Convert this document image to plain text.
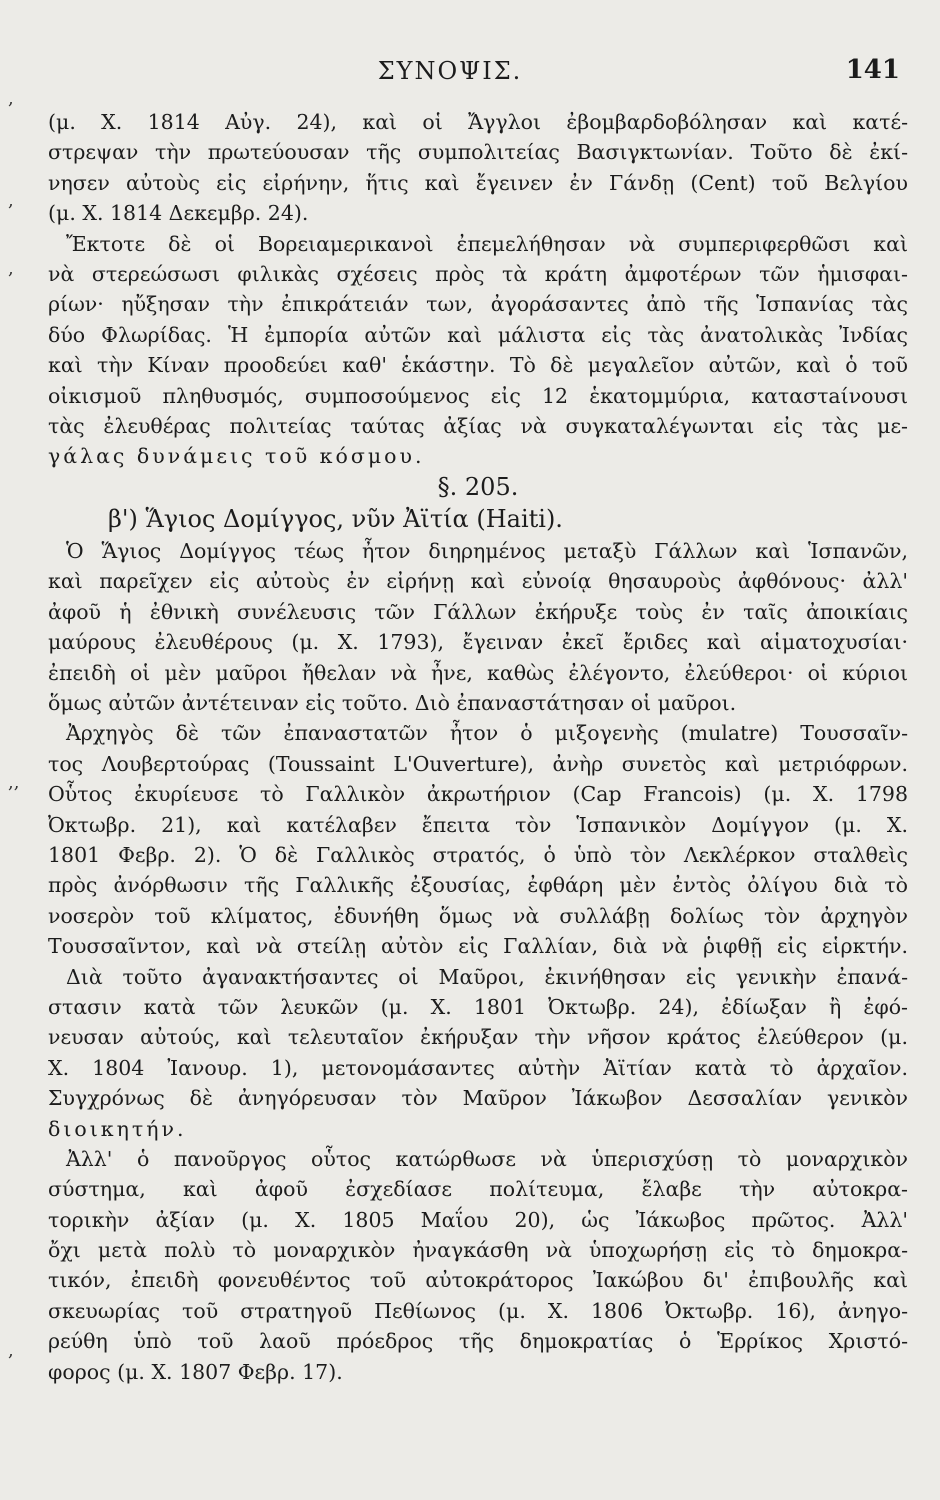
ΣΥΝΟΨΙΣ.	141
,
,
,
,,
,
(μ. Χ. 1814 Αὐγ. 24), καὶ οἱ Ἄγγλοι ἐβομβαρδοβόλησαν καὶ κατέ-
στρεψαν τὴν πρωτεύουσαν τῆς συμπολιτείας Βασιγκτωνίαν. Τοῦτο δὲ ἐκί-
νησεν αὐτοὺς εἰς εἰρήνην, ἥτις καὶ ἔγεινεν ἐν Γάνδῃ (Cent) τοῦ Βελγίου
(μ. Χ. 1814 Δεκεμβρ. 24).
Ἔκτοτε δὲ οἱ Βορειαμερικανοὶ ἐπεμελήθησαν νὰ συμπεριφερθῶσι καὶ
νὰ στερεώσωσι φιλικὰς σχέσεις πρὸς τὰ κράτη ἀμφοτέρων τῶν ἡμισφαι-
ρίων· ηὔξησαν τὴν ἐπικράτειάν των, ἀγοράσαντες ἀπὸ τῆς Ἱσπανίας τὰς
δύο Φλωρίδας. Ἡ ἐμπορία αὐτῶν καὶ μάλιστα εἰς τὰς ἀνατολικὰς Ἰνδίας
καὶ τὴν Κίναν προοδεύει καθ' ἑκάστην. Τὸ δὲ μεγαλεῖον αὐτῶν, καὶ ὁ τοῦ
οἰκισμοῦ πληθυσμός, συμποσούμενος εἰς 12 ἑκατομμύρια, καταστaίνουσι
τὰς ἐλευθέρας πολιτείας ταύτας ἀξίας νὰ συγκαταλέγωνται εἰς τὰς με-
γάλας δυνάμεις τοῦ κόσμου.
§. 205.
β') Ἅγιος Δομίγγος, νῦν Ἀϊτία (Haiti).
Ὁ Ἅγιος Δομίγγος τέως ἦτον διηρημένος μεταξὺ Γάλλων καὶ Ἱσπανῶν,
καὶ παρεῖχεν εἰς αὐτοὺς ἐν εἰρήνῃ καὶ εὐνοίᾳ θησαυροὺς ἀφθόνους· ἀλλ'
ἀφοῦ ἡ ἐθνικὴ συνέλευσις τῶν Γάλλων ἐκήρυξε τοὺς ἐν ταῖς ἀποικίαις
μαύρους ἐλευθέρους (μ. Χ. 1793), ἔγειναν ἐκεῖ ἔριδες καὶ αἱματοχυσίαι·
ἐπειδὴ οἱ μὲν μαῦροι ἤθελαν νὰ ἦνε, καθὼς ἐλέγοντο, ἐλεύθεροι· οἱ κύριοι
ὅμως αὐτῶν ἀντέτειναν εἰς τοῦτο. Διὸ ἐπαναστάτησαν οἱ μαῦροι.
Ἀρχηγὸς δὲ τῶν ἐπαναστατῶν ἦτον ὁ μιξογενὴς (mulatre) Τουσσαῖν-
τος Λουβερτούρας (Toussaint L'Ouverture), ἀνὴρ συνετὸς καὶ μετριόφρων.
Οὗτος ἐκυρίευσε τὸ Γαλλικὸν ἀκρωτήριον (Cap Francois) (μ. Χ. 1798
Ὀκτωβρ. 21), καὶ κατέλαβεν ἔπειτα τὸν Ἱσπανικὸν Δομίγγον (μ. Χ.
1801 Φεβρ. 2). Ὁ δὲ Γαλλικὸς στρατός, ὁ ὑπὸ τὸν Λεκλέρκον σταλθεὶς
πρὸς ἀνόρθωσιν τῆς Γαλλικῆς ἐξουσίας, ἐφθάρη μὲν ἐντὸς ὀλίγου διὰ τὸ
νοσερὸν τοῦ κλίματος, ἐδυνήθη ὅμως νὰ συλλάβῃ δολίως τὸν ἀρχηγὸν
Τουσσαῖντον, καὶ νὰ στείλῃ αὐτὸν εἰς Γαλλίαν, διὰ νὰ ῥιφθῇ εἰς εἱρκτήν.
Διὰ τοῦτο ἀγανακτήσαντες οἱ Μαῦροι, ἐκινήθησαν εἰς γενικὴν ἐπανά-
στασιν κατὰ τῶν λευκῶν (μ. Χ. 1801 Ὀκτωβρ. 24), ἐδίωξαν ἢ ἐφό-
νευσαν αὐτούς, καὶ τελευταῖον ἐκήρυξαν τὴν νῆσον κράτος ἐλεύθερον (μ.
Χ. 1804 Ἰανουρ. 1), μετονομάσαντες αὐτὴν Ἀϊτίαν κατὰ τὸ ἀρχαῖον.
Συγχρόνως δὲ ἀνηγόρευσαν τὸν Μαῦρον Ἰάκωβον Δεσσαλίαν γενικὸν
διοικητήν.
Ἀλλ' ὁ πανοῦργος οὗτος κατώρθωσε νὰ ὑπερισχύσῃ τὸ μοναρχικὸν
σύστημα, καὶ ἀφοῦ ἐσχεδίασε πολίτευμα, ἔλαβε τὴν αὐτοκρα-
τορικὴν ἀξίαν (μ. Χ. 1805 Μαΐου 20), ὡς Ἰάκωβος πρῶτος. Ἀλλ'
ὄχι μετὰ πολὺ τὸ μοναρχικὸν ἠναγκάσθη νὰ ὑποχωρήσῃ εἰς τὸ δημοκρα-
τικόν, ἐπειδὴ φονευθέντος τοῦ αὐτοκράτορος Ἰακώβου δι' ἐπιβουλῆς καὶ
σκευωρίας τοῦ στρατηγοῦ Πεθίωνος (μ. Χ. 1806 Ὀκτωβρ. 16), ἀνηγο-
ρεύθη ὑπὸ τοῦ λαοῦ πρόεδρος τῆς δημοκρατίας ὁ Ἑρρίκος Χριστό-
φορος (μ. Χ. 1807 Φεβρ. 17).
